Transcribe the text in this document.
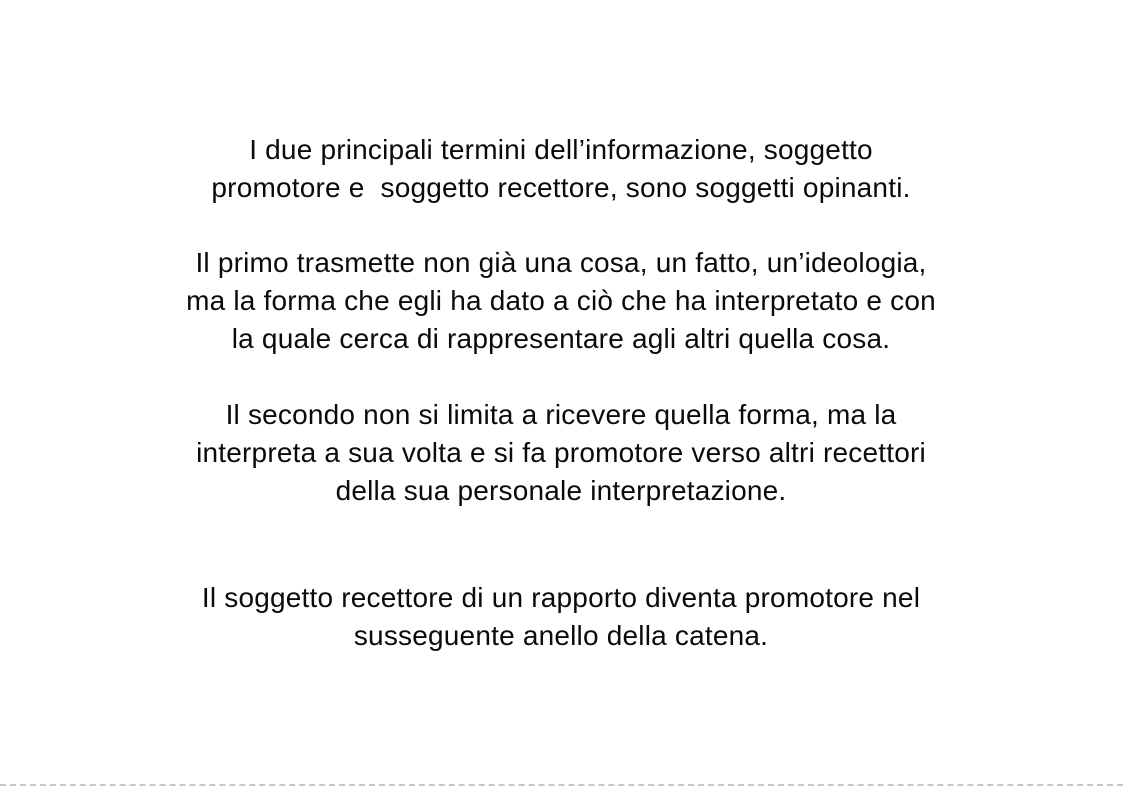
I due principali termini dell’informazione, soggetto
promotore e  soggetto recettore, sono soggetti opinanti.
Il primo trasmette non già una cosa, un fatto, un’ideologia,
ma la forma che egli ha dato a ciò che ha interpretato e con
la quale cerca di rappresentare agli altri quella cosa.
Il secondo non si limita a ricevere quella forma, ma la
interpreta a sua volta e si fa promotore verso altri recettori
della sua personale interpretazione.
Il soggetto recettore di un rapporto diventa promotore nel
susseguente anello della catena.
